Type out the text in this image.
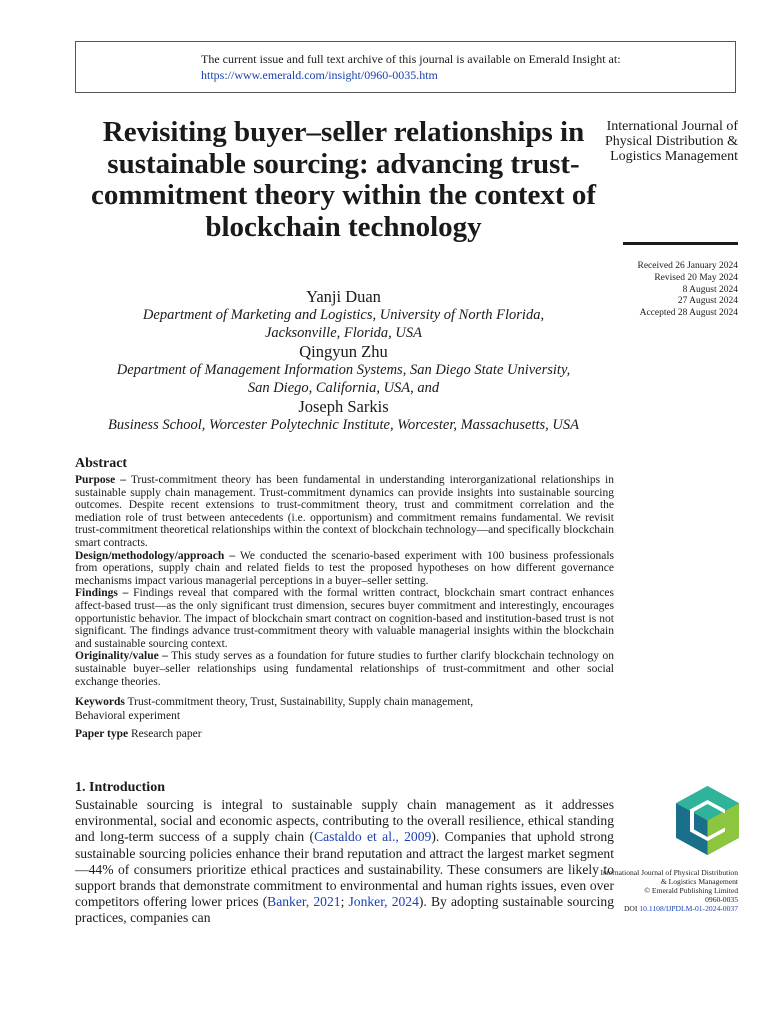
The current issue and full text archive of this journal is available on Emerald Insight at:
https://www.emerald.com/insight/0960-0035.htm
Revisiting buyer–seller relationships in sustainable sourcing: advancing trust-commitment theory within the context of blockchain technology
International Journal of Physical Distribution & Logistics Management
Received 26 January 2024
Revised 20 May 2024
8 August 2024
27 August 2024
Accepted 28 August 2024
Yanji Duan
Department of Marketing and Logistics, University of North Florida,
Jacksonville, Florida, USA
Qingyun Zhu
Department of Management Information Systems, San Diego State University,
San Diego, California, USA, and
Joseph Sarkis
Business School, Worcester Polytechnic Institute, Worcester, Massachusetts, USA
Abstract

Purpose – Trust-commitment theory has been fundamental in understanding interorganizational relationships in sustainable supply chain management. Trust-commitment dynamics can provide insights into sustainable sourcing outcomes. Despite recent extensions to trust-commitment theory, trust and commitment correlation and the mediation role of trust between antecedents (i.e. opportunism) and commitment remains fundamental. We revisit trust-commitment theoretical relationships within the context of blockchain technology—and specifically blockchain smart contracts.

Design/methodology/approach – We conducted the scenario-based experiment with 100 business professionals from operations, supply chain and related fields to test the proposed hypotheses on how different governance mechanisms impact various managerial perceptions in a buyer–seller setting.

Findings – Findings reveal that compared with the formal written contract, blockchain smart contract enhances affect-based trust—as the only significant trust dimension, secures buyer commitment and interestingly, encourages opportunistic behavior. The impact of blockchain smart contract on cognition-based and institution-based trust is not significant. The findings advance trust-commitment theory with valuable managerial insights within the blockchain and sustainable sourcing context.

Originality/value – This study serves as a foundation for future studies to further clarify blockchain technology on sustainable buyer–seller relationships using fundamental relationships of trust-commitment and other social exchange theories.

Keywords Trust-commitment theory, Trust, Sustainability, Supply chain management,

Behavioral experiment

Paper type Research paper

1. Introduction

Sustainable sourcing is integral to sustainable supply chain management as it addresses environmental, social and economic aspects, contributing to the overall resilience, ethical standing and long-term success of a supply chain (Castaldo et al., 2009). Companies that uphold strong sustainable sourcing policies enhance their brand reputation and attract the largest market segment—44% of consumers prioritize ethical practices and sustainability. These consumers are likely to support brands that demonstrate commitment to environmental and human rights issues, even over competitors offering lower prices (Banker, 2021; Jonker, 2024). By adopting sustainable sourcing practices, companies can

International Journal of Physical Distribution & Logistics Management
© Emerald Publishing Limited
0960-0035
DOI 10.1108/IJPDLM-01-2024-0037
